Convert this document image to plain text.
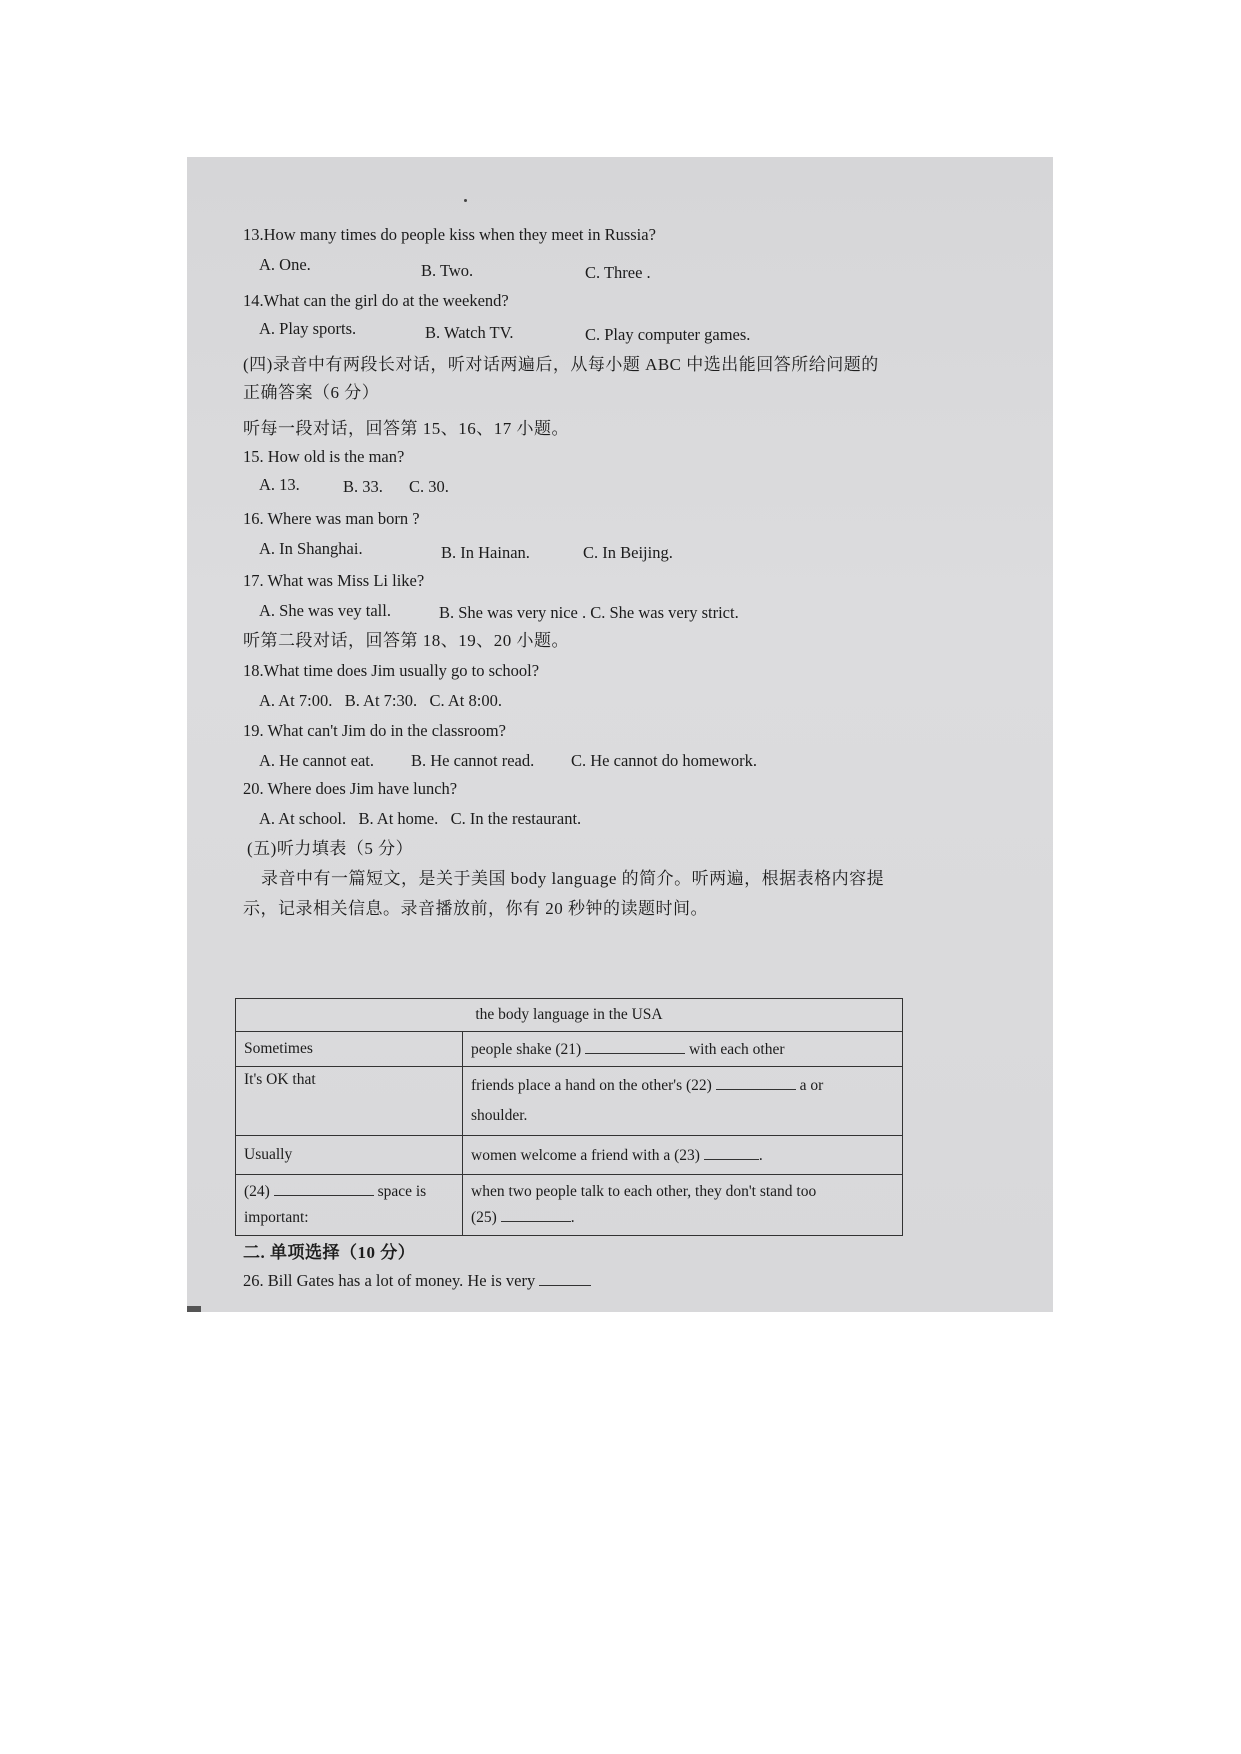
13.How many times do people kiss when they meet in Russia?
A. One.	B. Two.	C. Three .
14.What can the girl do at the weekend?
A. Play sports.	B. Watch TV.	C. Play computer games.
(四)录音中有两段长对话，听对话两遍后，从每小题 ABC 中选出能回答所给问题的
正确答案（6 分）
听每一段对话，回答第 15、16、17 小题。
15. How old is the man?
A. 13.	B. 33. C. 30.
16. Where was man born ?
A. In Shanghai.	B. In Hainan.	C. In Beijing.
17. What was Miss Li like?
A. She was vey tall.	B. She was very nice . C. She was very strict.
听第二段对话，回答第 18、19、20 小题。
18.What time does Jim usually go to school?
A. At 7:00.   B. At 7:30.   C. At 8:00.
19. What can't Jim do in the classroom?
A. He cannot eat. B. He cannot read. C. He cannot do homework.
20. Where does Jim have lunch?
A. At school.   B. At home.   C. In the restaurant.
(五)听力填表（5 分）
录音中有一篇短文，是关于美国 body language 的简介。听两遍，根据表格内容提
示，记录相关信息。录音播放前，你有 20 秒钟的读题时间。
the body language in the USA	
Sometimes	people shake (21) with each other
It's OK that	friends place a hand on the other's (22) a or
shoulder.
Usually	women welcome a friend with a (23) .
(24) space is
important:	when two people talk to each other, they don't stand too
(25) .
二. 单项选择（10 分）
26. Bill Gates has a lot of money. He is very
